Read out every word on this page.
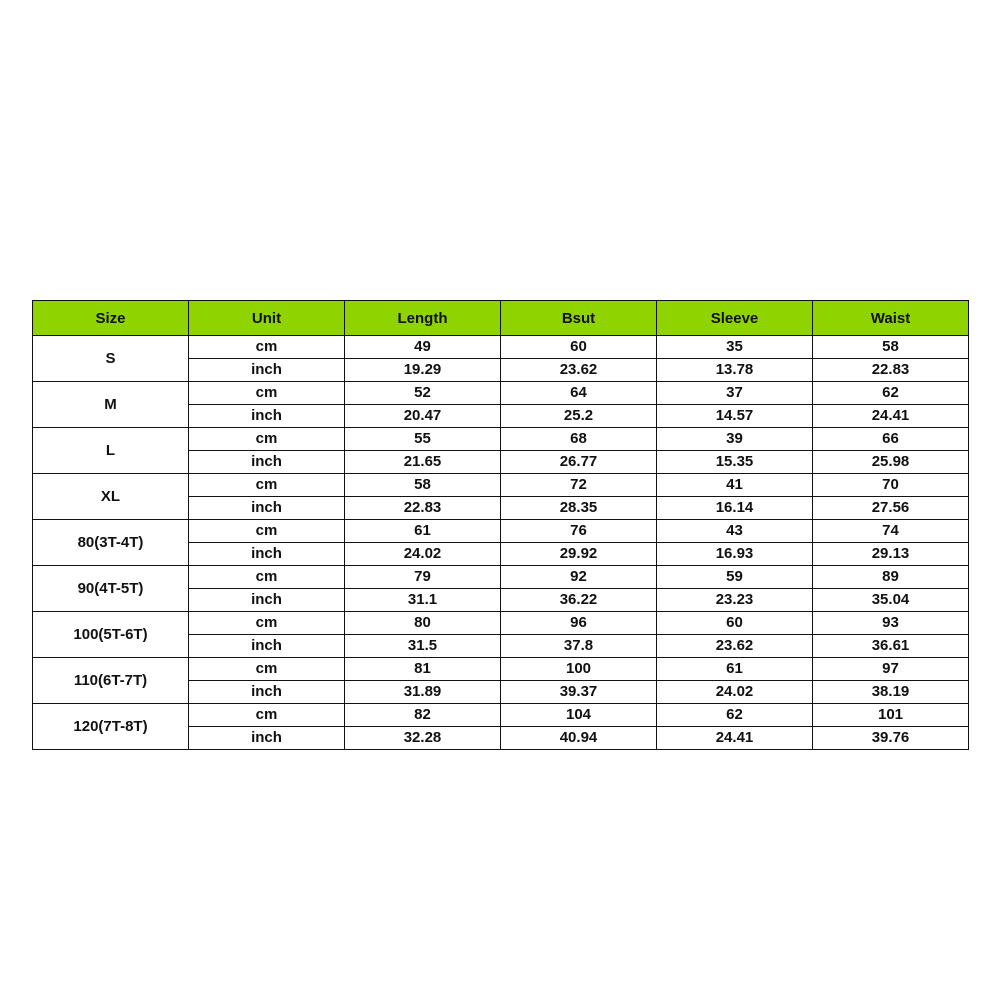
Size	Unit	Length	Bsut	Sleeve	Waist
S	cm	49	60	35	58
	inch	19.29	23.62	13.78	22.83
M	cm	52	64	37	62
	inch	20.47	25.2	14.57	24.41
L	cm	55	68	39	66
	inch	21.65	26.77	15.35	25.98
XL	cm	58	72	41	70
	inch	22.83	28.35	16.14	27.56
80(3T-4T)	cm	61	76	43	74
	inch	24.02	29.92	16.93	29.13
90(4T-5T)	cm	79	92	59	89
	inch	31.1	36.22	23.23	35.04
100(5T-6T)	cm	80	96	60	93
	inch	31.5	37.8	23.62	36.61
110(6T-7T)	cm	81	100	61	97
	inch	31.89	39.37	24.02	38.19
120(7T-8T)	cm	82	104	62	101
	inch	32.28	40.94	24.41	39.76
